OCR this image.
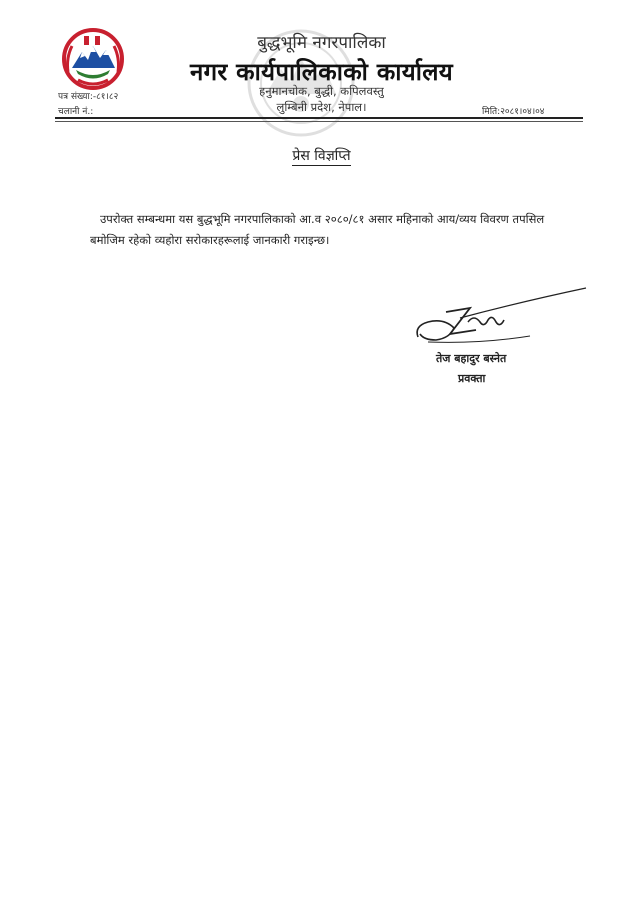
बुद्धभूमि नगरपालिका
नगर कार्यपालिकाको कार्यालय
हनुमानचोक, बुद्धी, कपिलवस्तु
लुम्बिनी प्रदेश, नेपाल।
पत्र संख्या:-८१।८२
चलानी नं.:	मिति:२०८१।०४।०४
प्रेस विज्ञप्ति
उपरोक्त सम्बन्धमा यस बुद्धभूमि नगरपालिकाको आ.व २०८०/८१ असार महिनाको आय/व्यय विवरण तपसिल बमोजिम रहेको व्यहोरा सरोकारहरूलाई जानकारी गराइन्छ।
तेज बहादुर बस्नेत
प्रवक्ता
